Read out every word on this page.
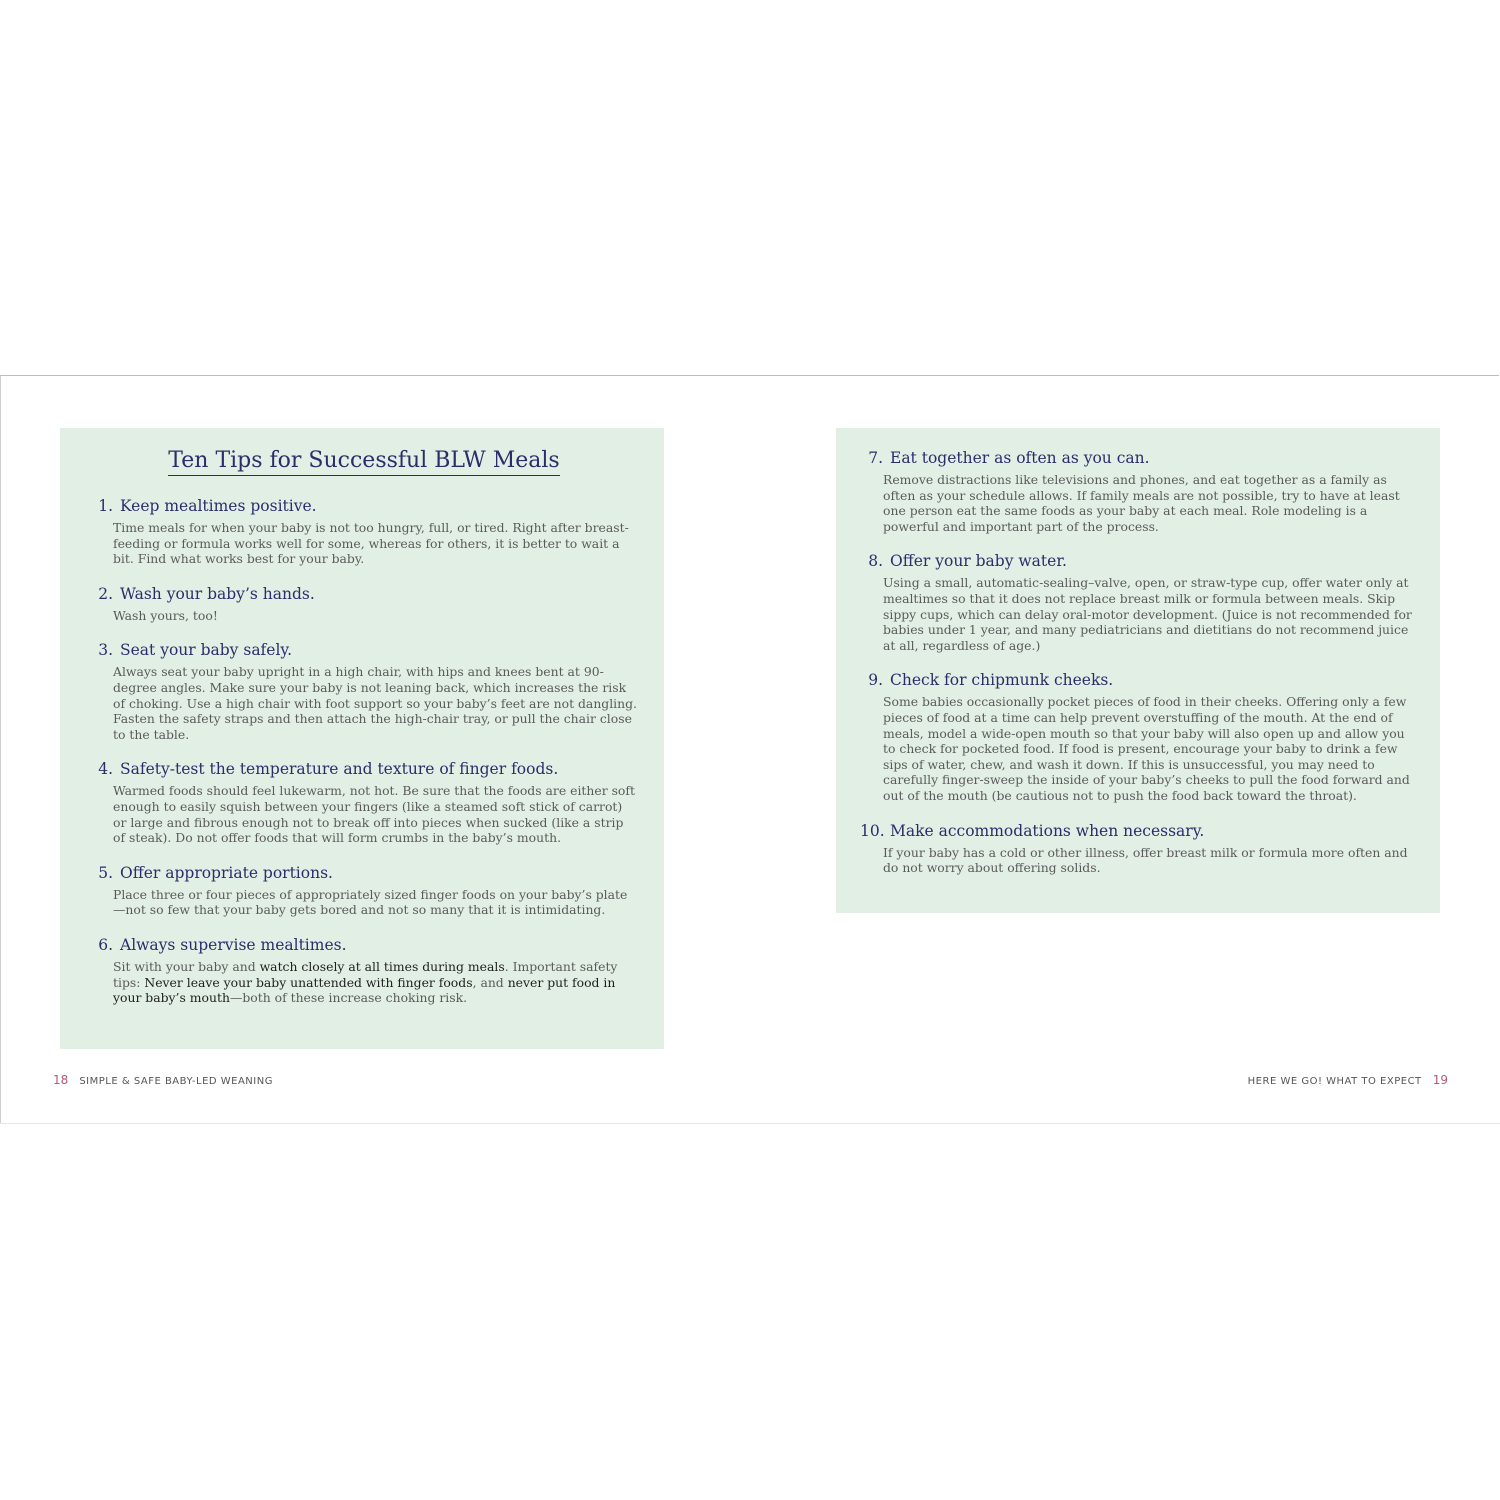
Ten Tips for Successful BLW Meals
1. Keep mealtimes positive.
Time meals for when your baby is not too hungry, full, or tired. Right after breast-feeding or formula works well for some, whereas for others, it is better to wait a bit. Find what works best for your baby.
2. Wash your baby’s hands.
Wash yours, too!
3. Seat your baby safely.
Always seat your baby upright in a high chair, with hips and knees bent at 90-degree angles. Make sure your baby is not leaning back, which increases the risk of choking. Use a high chair with foot support so your baby’s feet are not dangling. Fasten the safety straps and then attach the high-chair tray, or pull the chair close to the table.
4. Safety-test the temperature and texture of finger foods.
Warmed foods should feel lukewarm, not hot. Be sure that the foods are either soft enough to easily squish between your fingers (like a steamed soft stick of carrot) or large and fibrous enough not to break off into pieces when sucked (like a strip of steak). Do not offer foods that will form crumbs in the baby’s mouth.
5. Offer appropriate portions.
Place three or four pieces of appropriately sized finger foods on your baby’s plate—not so few that your baby gets bored and not so many that it is intimidating.
6. Always supervise mealtimes.
Sit with your baby and watch closely at all times during meals. Important safety tips: Never leave your baby unattended with finger foods, and never put food in your baby’s mouth—both of these increase choking risk.
7. Eat together as often as you can.
Remove distractions like televisions and phones, and eat together as a family as often as your schedule allows. If family meals are not possible, try to have at least one person eat the same foods as your baby at each meal. Role modeling is a powerful and important part of the process.
8. Offer your baby water.
Using a small, automatic-sealing–valve, open, or straw-type cup, offer water only at mealtimes so that it does not replace breast milk or formula between meals. Skip sippy cups, which can delay oral-motor development. (Juice is not recommended for babies under 1 year, and many pediatricians and dietitians do not recommend juice at all, regardless of age.)
9. Check for chipmunk cheeks.
Some babies occasionally pocket pieces of food in their cheeks. Offering only a few pieces of food at a time can help prevent overstuffing of the mouth. At the end of meals, model a wide-open mouth so that your baby will also open up and allow you to check for pocketed food. If food is present, encourage your baby to drink a few sips of water, chew, and wash it down. If this is unsuccessful, you may need to carefully finger-sweep the inside of your baby’s cheeks to pull the food forward and out of the mouth (be cautious not to push the food back toward the throat).
10. Make accommodations when necessary.
If your baby has a cold or other illness, offer breast milk or formula more often and do not worry about offering solids.
18 SIMPLE & SAFE BABY-LED WEANING	HERE WE GO! WHAT TO EXPECT 19
